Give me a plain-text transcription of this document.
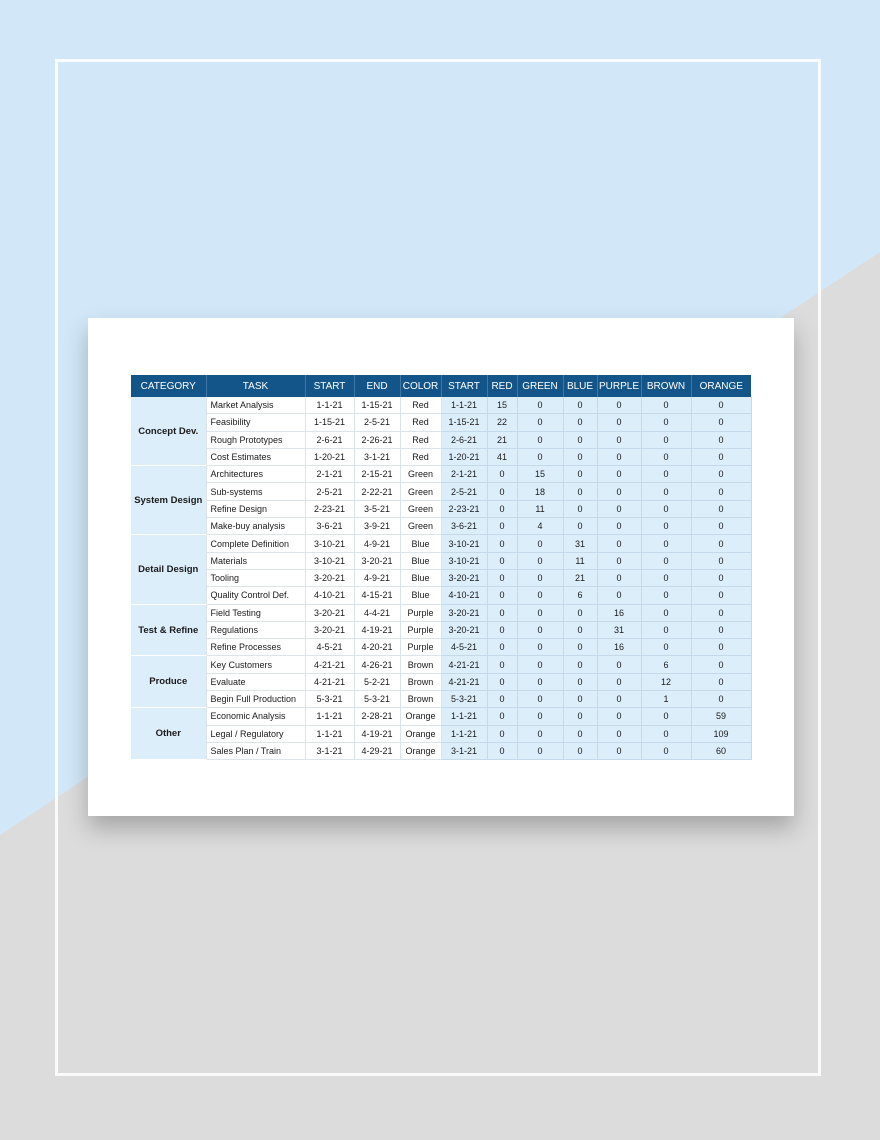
CATEGORY	TASK	START	END	COLOR	START	RED	GREEN	BLUE	PURPLE	BROWN	ORANGE
Concept Dev.	Market Analysis	1-1-21	1-15-21	Red	1-1-21	15	0	0	0	0	0
	Feasibility	1-15-21	2-5-21	Red	1-15-21	22	0	0	0	0	0
	Rough Prototypes	2-6-21	2-26-21	Red	2-6-21	21	0	0	0	0	0
	Cost Estimates	1-20-21	3-1-21	Red	1-20-21	41	0	0	0	0	0
System Design	Architectures	2-1-21	2-15-21	Green	2-1-21	0	15	0	0	0	0
	Sub-systems	2-5-21	2-22-21	Green	2-5-21	0	18	0	0	0	0
	Refine Design	2-23-21	3-5-21	Green	2-23-21	0	11	0	0	0	0
	Make-buy analysis	3-6-21	3-9-21	Green	3-6-21	0	4	0	0	0	0
Detail Design	Complete Definition	3-10-21	4-9-21	Blue	3-10-21	0	0	31	0	0	0
	Materials	3-10-21	3-20-21	Blue	3-10-21	0	0	11	0	0	0
	Tooling	3-20-21	4-9-21	Blue	3-20-21	0	0	21	0	0	0
	Quality Control Def.	4-10-21	4-15-21	Blue	4-10-21	0	0	6	0	0	0
Test & Refine	Field Testing	3-20-21	4-4-21	Purple	3-20-21	0	0	0	16	0	0
	Regulations	3-20-21	4-19-21	Purple	3-20-21	0	0	0	31	0	0
	Refine Processes	4-5-21	4-20-21	Purple	4-5-21	0	0	0	16	0	0
Produce	Key Customers	4-21-21	4-26-21	Brown	4-21-21	0	0	0	0	6	0
	Evaluate	4-21-21	5-2-21	Brown	4-21-21	0	0	0	0	12	0
	Begin Full Production	5-3-21	5-3-21	Brown	5-3-21	0	0	0	0	1	0
Other	Economic Analysis	1-1-21	2-28-21	Orange	1-1-21	0	0	0	0	0	59
	Legal / Regulatory	1-1-21	4-19-21	Orange	1-1-21	0	0	0	0	0	109
	Sales Plan / Train	3-1-21	4-29-21	Orange	3-1-21	0	0	0	0	0	60
